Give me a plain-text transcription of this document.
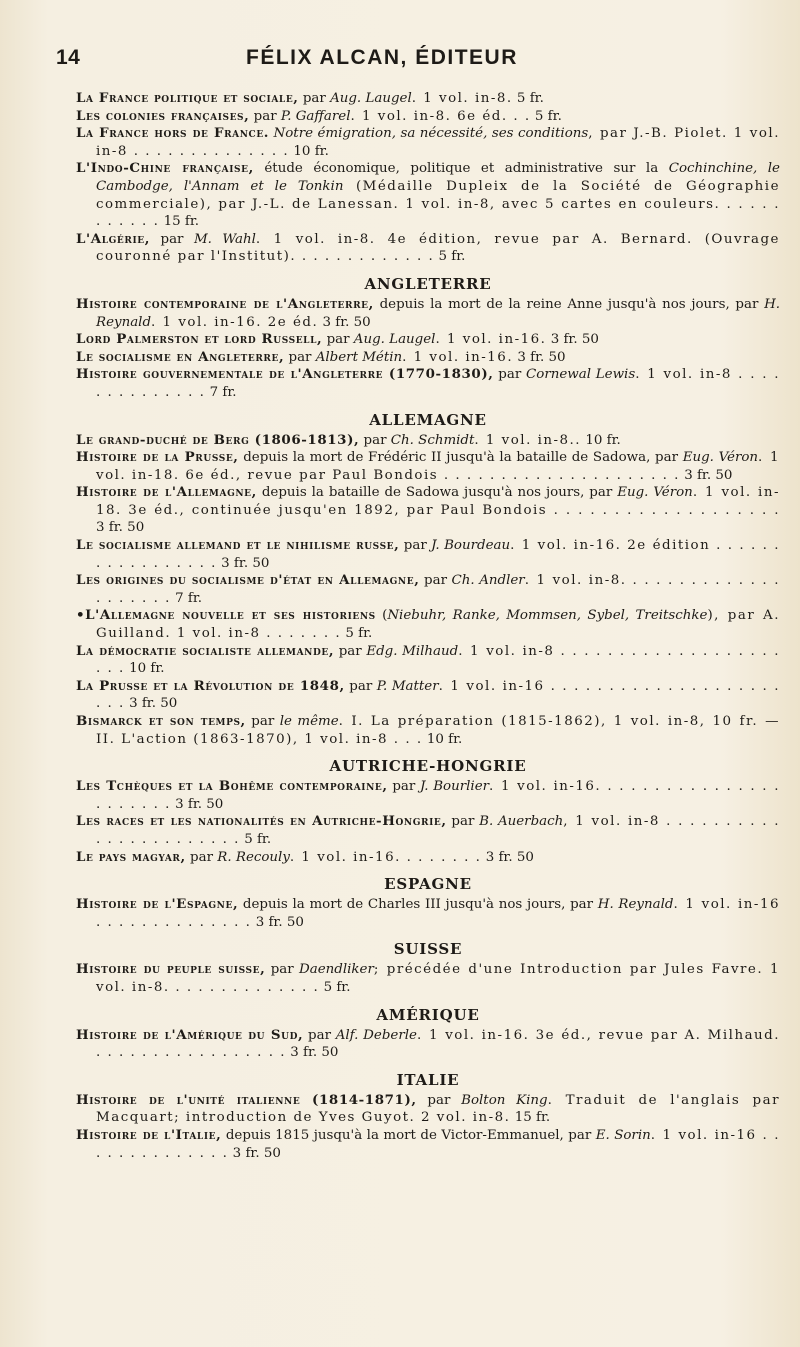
14	FÉLIX ALCAN, ÉDITEUR

La France politique et sociale, par Aug. Laugel. 1 vol. in-8. 5 fr.

Les colonies françaises, par P. Gaffarel. 1 vol. in-8. 6e éd. . . 5 fr.

La France hors de France. Notre émigration, sa nécessité, ses conditions, par J.-B. Piolet. 1 vol. in-8 . . . . . . . . . . . . . . 10 fr.

L'Indo-Chine française, étude économique, politique et administrative sur la Cochinchine, le Cambodge, l'Annam et le Tonkin (Médaille Dupleix de la Société de Géographie commerciale), par J.-L. de Lanessan. 1 vol. in-8, avec 5 cartes en couleurs. . . . . . . . . . . . 15 fr.

L'Algérie, par M. Wahl. 1 vol. in-8. 4e édition, revue par A. Bernard. (Ouvrage couronné par l'Institut). . . . . . . . . . . . . 5 fr.

ANGLETERRE

Histoire contemporaine de l'Angleterre, depuis la mort de la reine Anne jusqu'à nos jours, par H. Reynald. 1 vol. in-16. 2e éd. 3 fr. 50

Lord Palmerston et lord Russell, par Aug. Laugel. 1 vol. in-16. 3 fr. 50

Le socialisme en Angleterre, par Albert Métin. 1 vol. in-16. 3 fr. 50

Histoire gouvernementale de l'Angleterre (1770-1830), par Cornewal Lewis. 1 vol. in-8 . . . . . . . . . . . . . . 7 fr.

ALLEMAGNE

Le grand-duché de Berg (1806-1813), par Ch. Schmidt. 1 vol. in-8.. 10 fr.

Histoire de la Prusse, depuis la mort de Frédéric II jusqu'à la bataille de Sadowa, par Eug. Véron. 1 vol. in-18. 6e éd., revue par Paul Bondois . . . . . . . . . . . . . . . . . . . . . 3 fr. 50

Histoire de l'Allemagne, depuis la bataille de Sadowa jusqu'à nos jours, par Eug. Véron. 1 vol. in-18. 3e éd., continuée jusqu'en 1892, par Paul Bondois . . . . . . . . . . . . . . . . . . . 3 fr. 50

Le socialisme allemand et le nihilisme russe, par J. Bourdeau. 1 vol. in-16. 2e édition . . . . . . . . . . . . . . . . . 3 fr. 50

Les origines du socialisme d'état en Allemagne, par Ch. Andler. 1 vol. in-8. . . . . . . . . . . . . . . . . . . . . 7 fr.

•L'Allemagne nouvelle et ses historiens (Niebuhr, Ranke, Mommsen, Sybel, Treitschke), par A. Guilland. 1 vol. in-8 . . . . . . . 5 fr.

La démocratie socialiste allemande, par Edg. Milhaud. 1 vol. in-8 . . . . . . . . . . . . . . . . . . . . . . 10 fr.

La Prusse et la Révolution de 1848, par P. Matter. 1 vol. in-16 . . . . . . . . . . . . . . . . . . . . . . . 3 fr. 50

Bismarck et son temps, par le même. I. La préparation (1815-1862), 1 vol. in-8, 10 fr. — II. L'action (1863-1870), 1 vol. in-8 . . . 10 fr.

AUTRICHE-HONGRIE

Les Tchèques et la Bohême contemporaine, par J. Bourlier. 1 vol. in-16. . . . . . . . . . . . . . . . . . . . . . . 3 fr. 50

Les races et les nationalités en Autriche-Hongrie, par B. Auerbach, 1 vol. in-8 . . . . . . . . . . . . . . . . . . . . . . . 5 fr.

Le pays magyar, par R. Recouly. 1 vol. in-16. . . . . . . . 3 fr. 50

ESPAGNE

Histoire de l'Espagne, depuis la mort de Charles III jusqu'à nos jours, par H. Reynald. 1 vol. in-16 . . . . . . . . . . . . . . 3 fr. 50

SUISSE

Histoire du peuple suisse, par Daendliker; précédée d'une Introduction par Jules Favre. 1 vol. in-8. . . . . . . . . . . . . . 5 fr.

AMÉRIQUE

Histoire de l'Amérique du Sud, par Alf. Deberle. 1 vol. in-16. 3e éd., revue par A. Milhaud. . . . . . . . . . . . . . . . . . 3 fr. 50

ITALIE

Histoire de l'unité italienne (1814-1871), par Bolton King. Traduit de l'anglais par Macquart; introduction de Yves Guyot. 2 vol. in-8. 15 fr.

Histoire de l'Italie, depuis 1815 jusqu'à la mort de Victor-Emmanuel, par E. Sorin. 1 vol. in-16 . . . . . . . . . . . . . . 3 fr. 50
